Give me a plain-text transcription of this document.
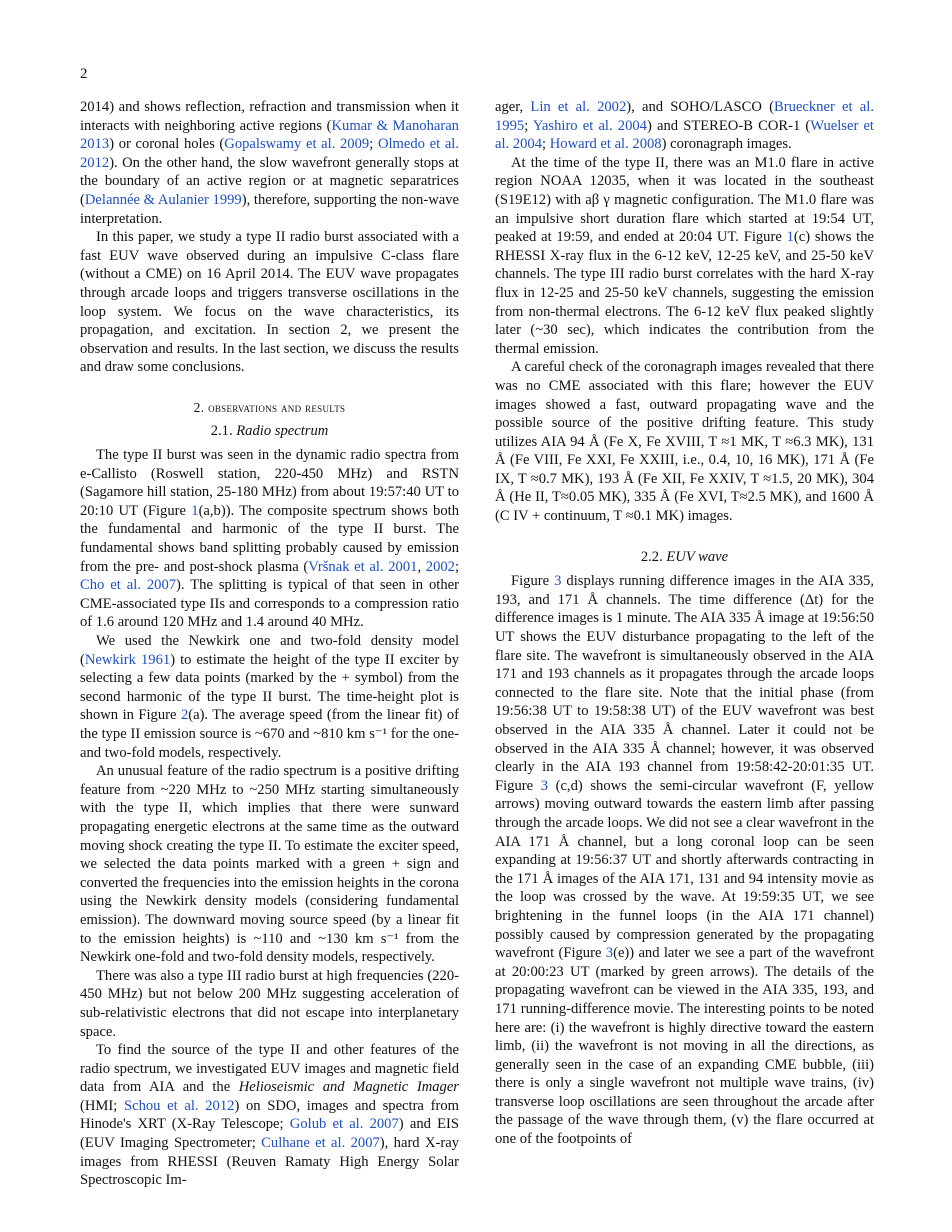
2

2014) and shows reflection, refraction and transmission when it interacts with neighboring active regions (Kumar & Manoharan 2013) or coronal holes (Gopalswamy et al. 2009; Olmedo et al. 2012). On the other hand, the slow wavefront generally stops at the boundary of an active region or at magnetic separatrices (Delannée & Aulanier 1999), therefore, supporting the non-wave interpretation.

In this paper, we study a type II radio burst associated with a fast EUV wave observed during an impulsive C-class flare (without a CME) on 16 April 2014. The EUV wave propagates through arcade loops and triggers transverse oscillations in the loop system. We focus on the wave characteristics, its propagation, and excitation. In section 2, we present the observation and results. In the last section, we discuss the results and draw some conclusions.

2. observations and results
2.1. Radio spectrum

The type II burst was seen in the dynamic radio spectra from e-Callisto (Roswell station, 220-450 MHz) and RSTN (Sagamore hill station, 25-180 MHz) from about 19:57:40 UT to 20:10 UT (Figure 1(a,b)). The composite spectrum shows both the fundamental and harmonic of the type II burst. The fundamental shows band splitting probably caused by emission from the pre- and post-shock plasma (Vršnak et al. 2001, 2002; Cho et al. 2007). The splitting is typical of that seen in other CME-associated type IIs and corresponds to a compression ratio of 1.6 around 120 MHz and 1.4 around 40 MHz.

We used the Newkirk one and two-fold density model (Newkirk 1961) to estimate the height of the type II exciter by selecting a few data points (marked by the + symbol) from the second harmonic of the type II burst. The time-height plot is shown in Figure 2(a). The average speed (from the linear fit) of the type II emission source is ~670 and ~810 km s⁻¹ for the one- and two-fold models, respectively.

An unusual feature of the radio spectrum is a positive drifting feature from ~220 MHz to ~250 MHz starting simultaneously with the type II, which implies that there were sunward propagating energetic electrons at the same time as the outward moving shock creating the type II. To estimate the exciter speed, we selected the data points marked with a green + sign and converted the frequencies into the emission heights in the corona using the Newkirk density models (considering fundamental emission). The downward moving source speed (by a linear fit to the emission heights) is ~110 and ~130 km s⁻¹ from the Newkirk one-fold and two-fold density models, respectively.

There was also a type III radio burst at high frequencies (220-450 MHz) but not below 200 MHz suggesting acceleration of sub-relativistic electrons that did not escape into interplanetary space.

To find the source of the type II and other features of the radio spectrum, we investigated EUV images and magnetic field data from AIA and the Helioseismic and Magnetic Imager (HMI; Schou et al. 2012) on SDO, images and spectra from Hinode's XRT (X-Ray Telescope; Golub et al. 2007) and EIS (EUV Imaging Spectrometer; Culhane et al. 2007), hard X-ray images from RHESSI (Reuven Ramaty High Energy Solar Spectroscopic Im-

ager, Lin et al. 2002), and SOHO/LASCO (Brueckner et al. 1995; Yashiro et al. 2004) and STEREO-B COR-1 (Wuelser et al. 2004; Howard et al. 2008) coronagraph images.

At the time of the type II, there was an M1.0 flare in active region NOAA 12035, when it was located in the southeast (S19E12) with aβ γ magnetic configuration. The M1.0 flare was an impulsive short duration flare which started at 19:54 UT, peaked at 19:59, and ended at 20:04 UT. Figure 1(c) shows the RHESSI X-ray flux in the 6-12 keV, 12-25 keV, and 25-50 keV channels. The type III radio burst correlates with the hard X-ray flux in 12-25 and 25-50 keV channels, suggesting the emission from non-thermal electrons. The 6-12 keV flux peaked slightly later (~30 sec), which indicates the contribution from the thermal emission.

A careful check of the coronagraph images revealed that there was no CME associated with this flare; however the EUV images showed a fast, outward propagating wave and the possible source of the positive drifting feature. This study utilizes AIA 94 Å (Fe X, Fe XVIII, T ≈1 MK, T ≈6.3 MK), 131 Å (Fe VIII, Fe XXI, Fe XXIII, i.e., 0.4, 10, 16 MK), 171 Å (Fe IX, T ≈0.7 MK), 193 Å (Fe XII, Fe XXIV, T ≈1.5, 20 MK), 304 Å (He II, T≈0.05 MK), 335 Å (Fe XVI, T≈2.5 MK), and 1600 Å (C IV + continuum, T ≈0.1 MK) images.

2.2. EUV wave

Figure 3 displays running difference images in the AIA 335, 193, and 171 Å channels. The time difference (Δt) for the difference images is 1 minute. The AIA 335 Å image at 19:56:50 UT shows the EUV disturbance propagating to the left of the flare site. The wavefront is simultaneously observed in the AIA 171 and 193 channels as it propagates through the arcade loops connected to the flare site. Note that the initial phase (from 19:56:38 UT to 19:58:38 UT) of the EUV wavefront was best observed in the AIA 335 Å channel. Later it could not be observed in the AIA 335 Å channel; however, it was observed clearly in the AIA 193 channel from 19:58:42-20:01:35 UT. Figure 3 (c,d) shows the semi-circular wavefront (F, yellow arrows) moving outward towards the eastern limb after passing through the arcade loops. We did not see a clear wavefront in the AIA 171 Å channel, but a long coronal loop can be seen expanding at 19:56:37 UT and shortly afterwards contracting in the 171 Å images of the AIA 171, 131 and 94 intensity movie as the loop was crossed by the wave. At 19:59:35 UT, we see brightening in the funnel loops (in the AIA 171 channel) possibly caused by compression generated by the propagating wavefront (Figure 3(e)) and later we see a part of the wavefront at 20:00:23 UT (marked by green arrows). The details of the propagating wavefront can be viewed in the AIA 335, 193, and 171 running-difference movie. The interesting points to be noted here are: (i) the wavefront is highly directive toward the eastern limb, (ii) the wavefront is not moving in all the directions, as generally seen in the case of an expanding CME bubble, (iii) there is only a single wavefront not multiple wave trains, (iv) transverse loop oscillations are seen throughout the arcade after the passage of the wave through them, (v) the flare occurred at one of the footpoints of
